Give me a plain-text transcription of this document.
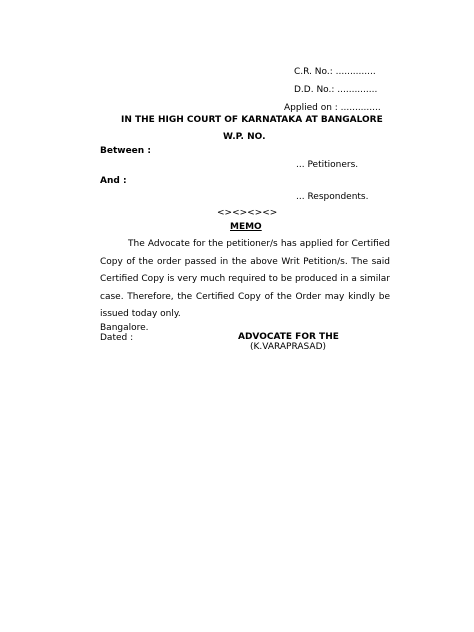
C.R. No.: ..............
D.D. No.: ..............
Applied on : ..............
IN THE HIGH COURT OF KARNATAKA AT BANGALORE
W.P. NO.
Between :
... Petitioners.
And :
... Respondents.
<><><><>
MEMO
The Advocate for the petitioner/s has applied for Certified Copy of the order passed in the above Writ Petition/s. The said Certified Copy is very much required to be produced in a similar case. Therefore, the Certified Copy of the Order may kindly be issued today only.
Bangalore.
Dated :	ADVOCATE FOR THE
(K.VARAPRASAD)
